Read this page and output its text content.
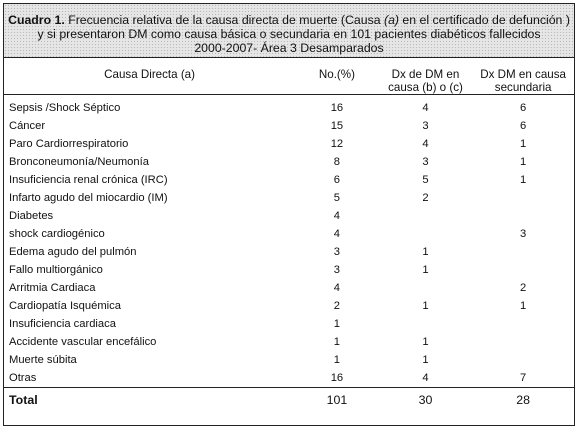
Cuadro 1. Frecuencia relativa de la causa directa de muerte (Causa (a) en el certificado de defunción )
y si presentaron DM como causa básica o secundaria en 101 pacientes diabéticos fallecidos
2000-2007- Área 3 Desamparados
Causa Directa (a)	No.(%)	Dx de DM en causa (b) o (c)	Dx DM en causa secundaria

Sepsis /Shock Séptico	16	4	6
Cáncer	15	3	6
Paro Cardiorrespiratorio	12	4	1
Bronconeumonía/Neumonía	8	3	1
Insuficiencia renal crónica (IRC)	6	5	1
Infarto agudo del miocardio (IM)	5	2	
Diabetes	4		
shock cardiogénico	4		3
Edema agudo del pulmón	3	1	
Fallo multiorgánico	3	1	
Arritmia Cardiaca	4		2
Cardiopatía Isquémica	2	1	1
Insuficiencia cardiaca	1		
Accidente vascular encefálico	1	1	
Muerte súbita	1	1	
Otras	16	4	7
Total	101	30	28
